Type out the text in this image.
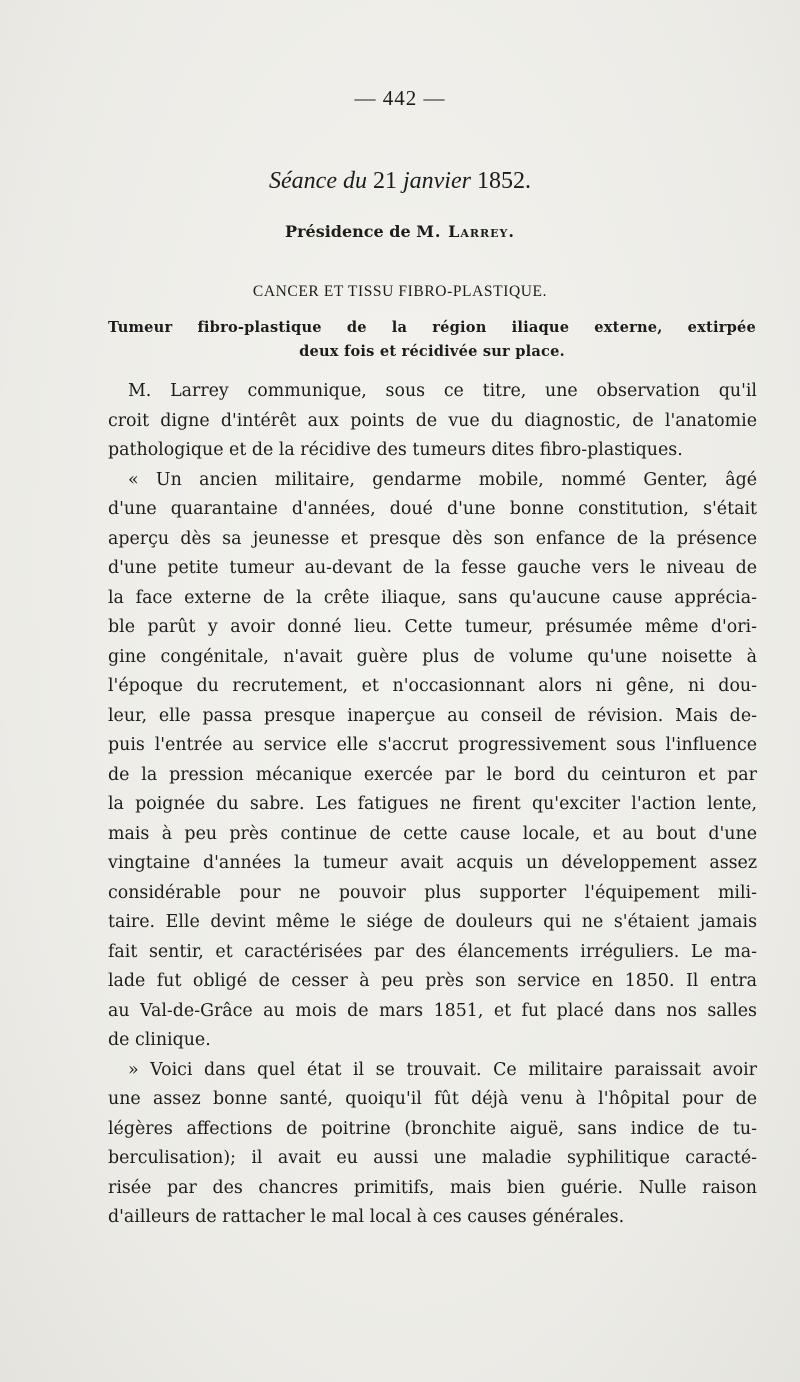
— 442 —
Séance du 21 janvier 1852.
Présidence de M. Larrey.
CANCER ET TISSU FIBRO-PLASTIQUE.
Tumeur fibro-plastique de la région iliaque externe, extirpée
deux fois et récidivée sur place.
M. Larrey communique, sous ce titre, une observation qu'il
croit digne d'intérêt aux points de vue du diagnostic, de l'anatomie
pathologique et de la récidive des tumeurs dites fibro-plastiques.
« Un ancien militaire, gendarme mobile, nommé Genter, âgé
d'une quarantaine d'années, doué d'une bonne constitution, s'était
aperçu dès sa jeunesse et presque dès son enfance de la présence
d'une petite tumeur au-devant de la fesse gauche vers le niveau de
la face externe de la crête iliaque, sans qu'aucune cause apprécia-
ble parût y avoir donné lieu. Cette tumeur, présumée même d'ori-
gine congénitale, n'avait guère plus de volume qu'une noisette à
l'époque du recrutement, et n'occasionnant alors ni gêne, ni dou-
leur, elle passa presque inaperçue au conseil de révision. Mais de-
puis l'entrée au service elle s'accrut progressivement sous l'influence
de la pression mécanique exercée par le bord du ceinturon et par
la poignée du sabre. Les fatigues ne firent qu'exciter l'action lente,
mais à peu près continue de cette cause locale, et au bout d'une
vingtaine d'années la tumeur avait acquis un développement assez
considérable pour ne pouvoir plus supporter l'équipement mili-
taire. Elle devint même le siége de douleurs qui ne s'étaient jamais
fait sentir, et caractérisées par des élancements irréguliers. Le ma-
lade fut obligé de cesser à peu près son service en 1850. Il entra
au Val-de-Grâce au mois de mars 1851, et fut placé dans nos salles
de clinique.
» Voici dans quel état il se trouvait. Ce militaire paraissait avoir
une assez bonne santé, quoiqu'il fût déjà venu à l'hôpital pour de
légères affections de poitrine (bronchite aiguë, sans indice de tu-
berculisation); il avait eu aussi une maladie syphilitique caracté-
risée par des chancres primitifs, mais bien guérie. Nulle raison
d'ailleurs de rattacher le mal local à ces causes générales.
